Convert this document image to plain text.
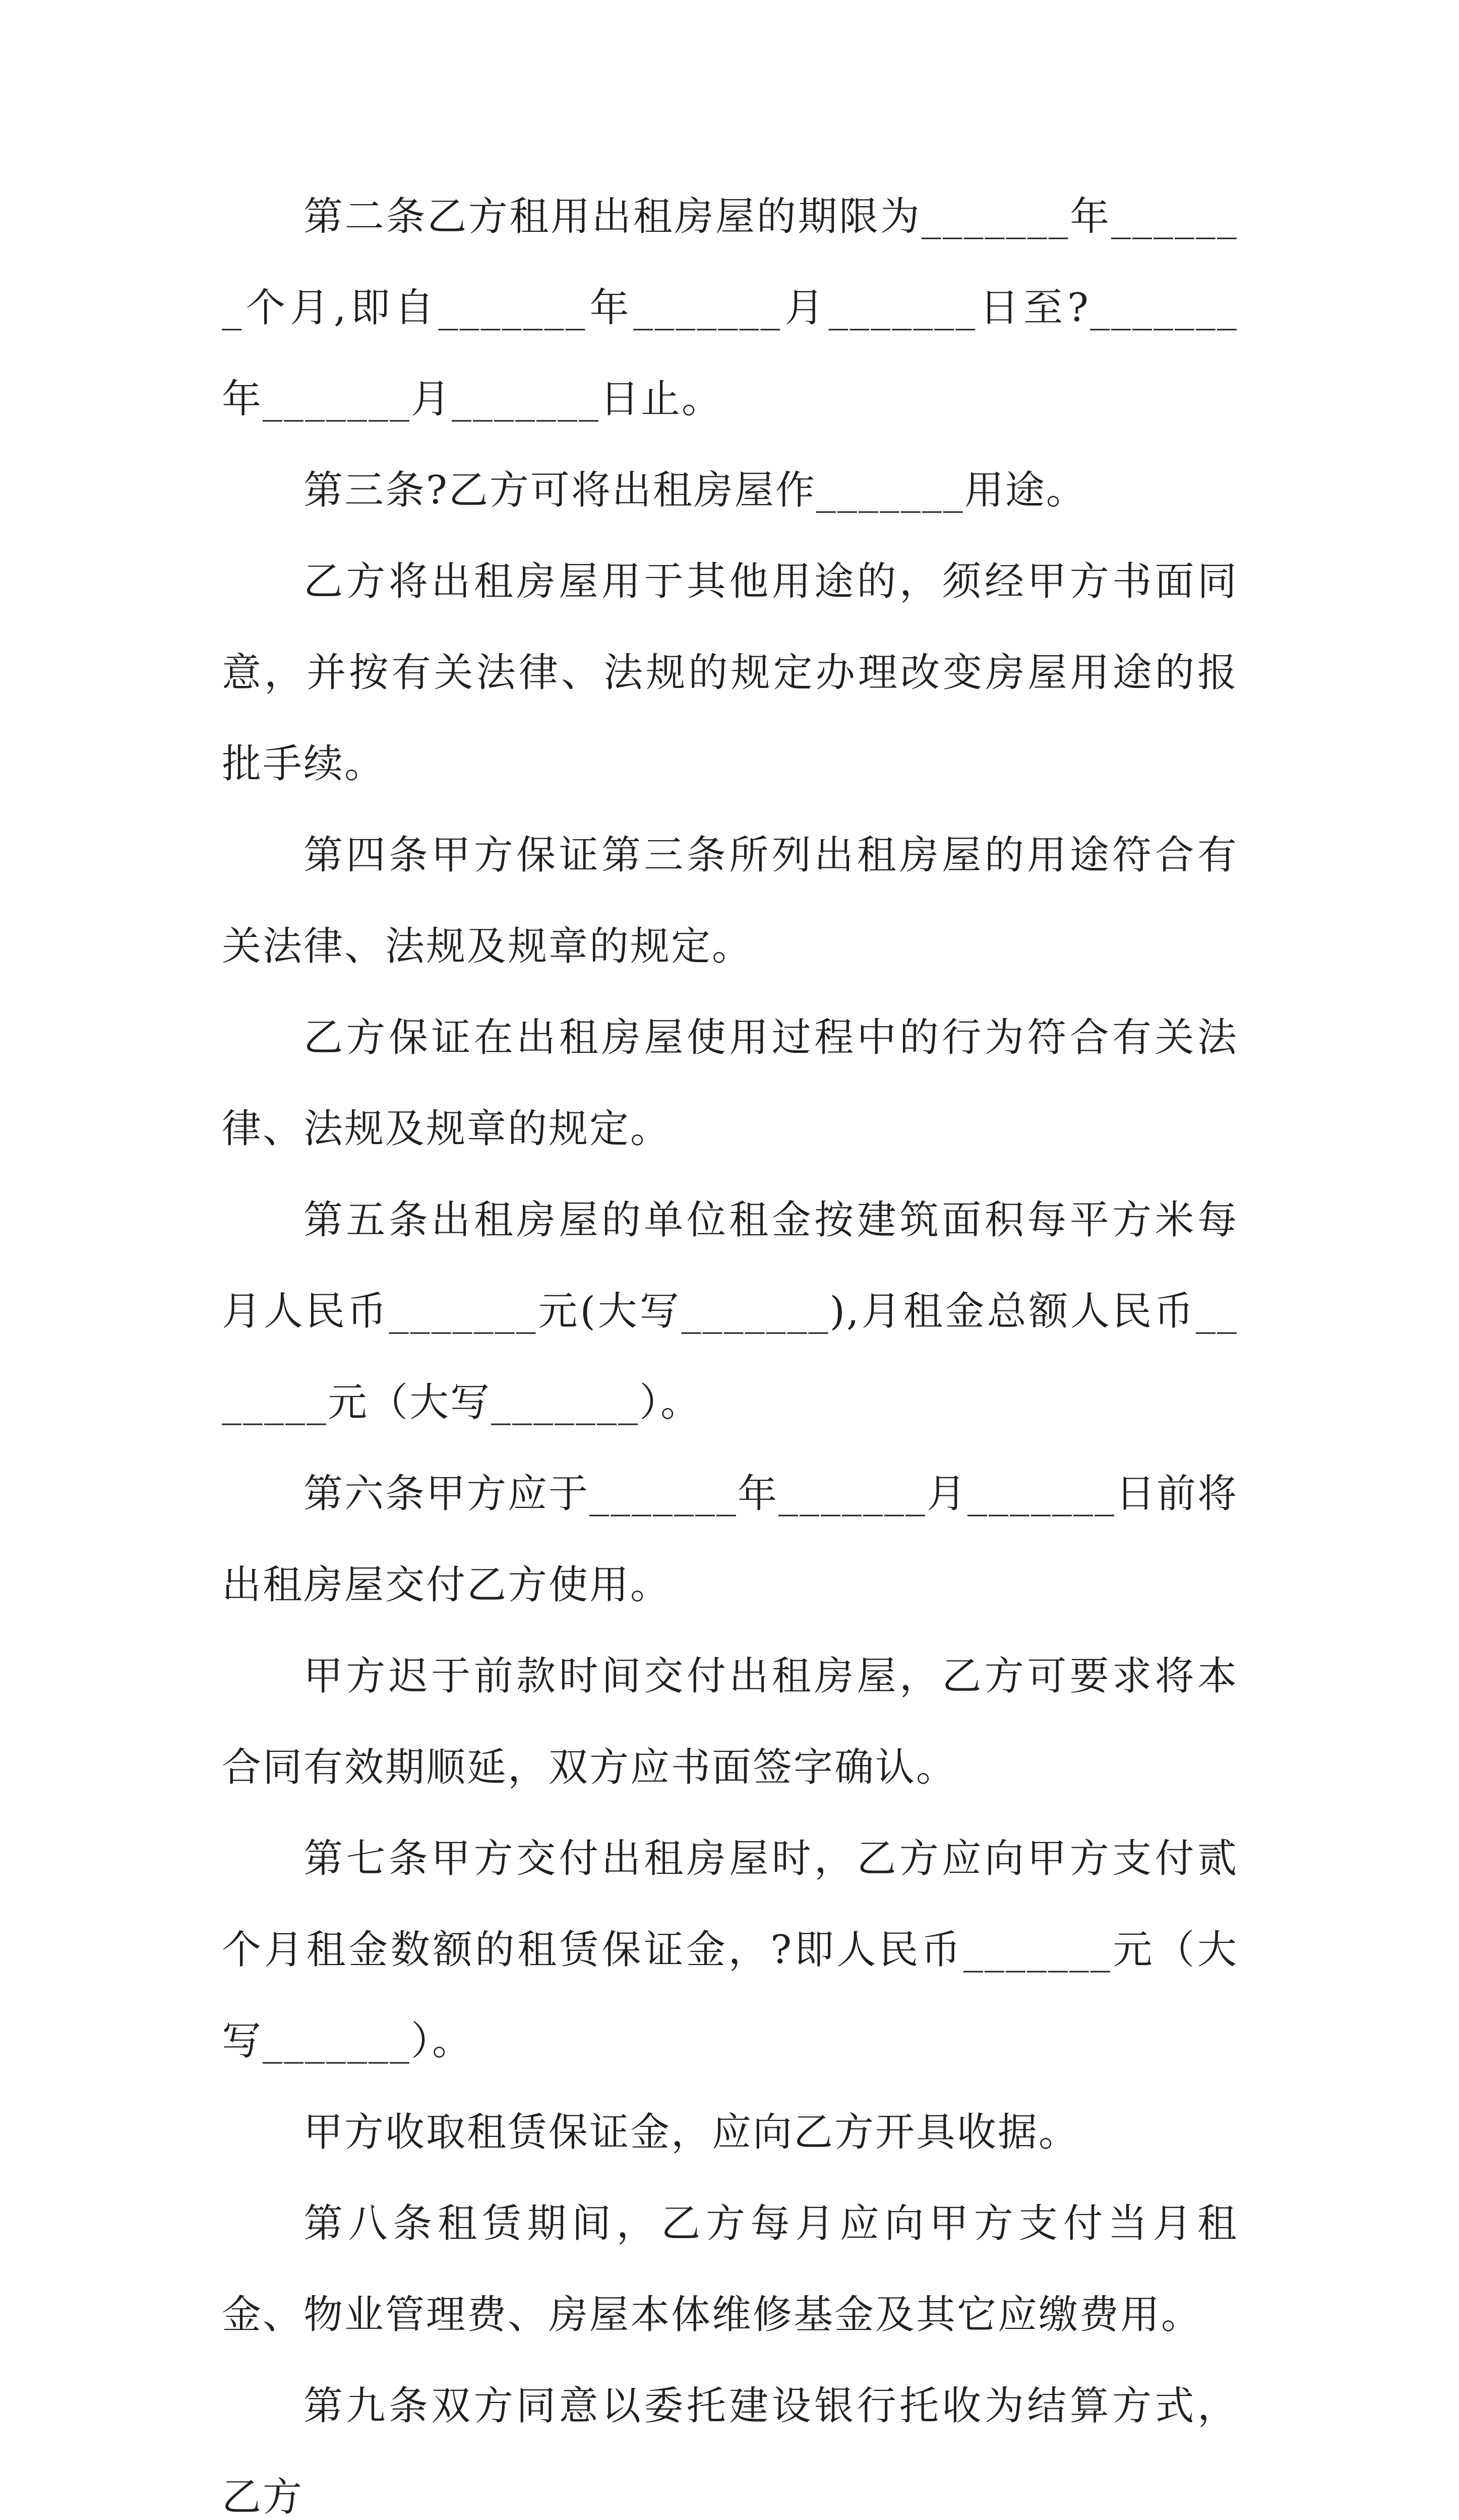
第二条乙方租用出租房屋的期限为_______年_______个月,即自_______年_______月_______日至?_______年_______月_______日止。

第三条?乙方可将出租房屋作_______用途。

乙方将出租房屋用于其他用途的，须经甲方书面同意，并按有关法律、法规的规定办理改变房屋用途的报批手续。

第四条甲方保证第三条所列出租房屋的用途符合有关法律、法规及规章的规定。

乙方保证在出租房屋使用过程中的行为符合有关法律、法规及规章的规定。

第五条出租房屋的单位租金按建筑面积每平方米每月人民币_______元(大写_______),月租金总额人民币_______元（大写_______）。

第六条甲方应于_______年_______月_______日前将出租房屋交付乙方使用。

甲方迟于前款时间交付出租房屋，乙方可要求将本合同有效期顺延，双方应书面签字确认。

第七条甲方交付出租房屋时，乙方应向甲方支付贰个月租金数额的租赁保证金，?即人民币_______元（大写_______）。

甲方收取租赁保证金，应向乙方开具收据。

第八条租赁期间，乙方每月应向甲方支付当月租金、物业管理费、房屋本体维修基金及其它应缴费用。

第九条双方同意以委托建设银行托收为结算方式，乙方
